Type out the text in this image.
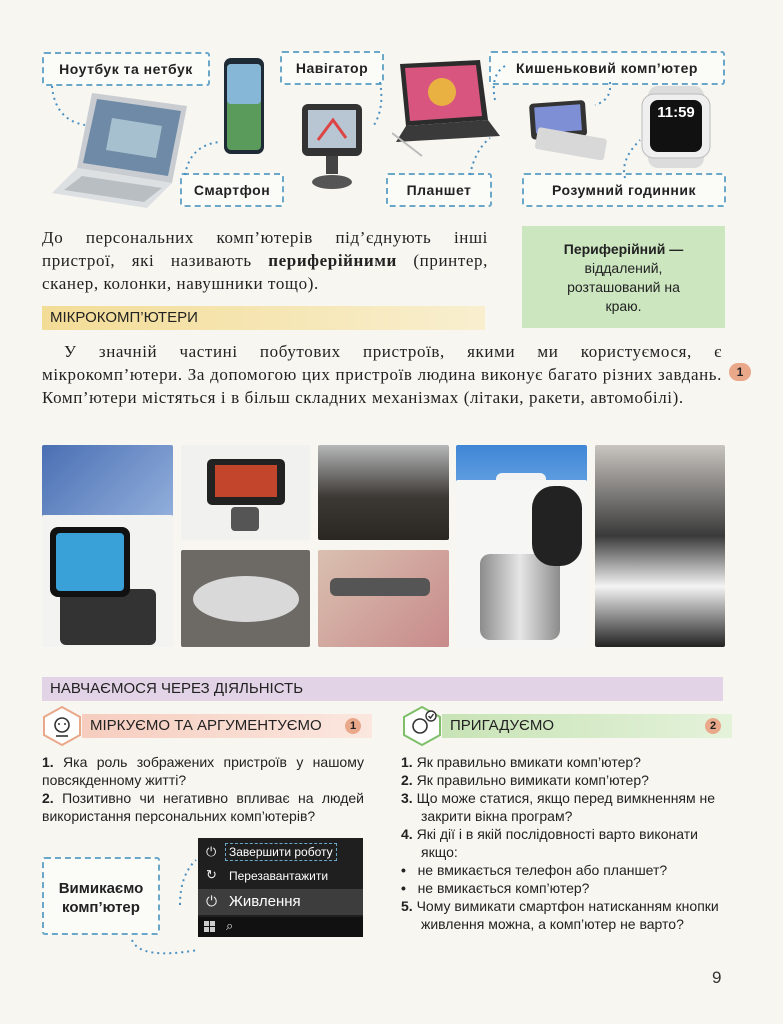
Ноутбук та нетбук	Навігатор	Кишеньковий комп’ютер
Смартфон	Планшет	Розумний годинник
11:59
До персональних комп’ютерів під’єднують інші пристрої, які називають периферійними (принтер, сканер, колонки, навушники тощо).
Периферійний —
віддалений, розташований на краю.
МІКРОКОМП’ЮТЕРИ
У значній частині побутових пристроїв, якими ми користуємося, є мікрокомп’ютери. За допомогою цих пристроїв людина виконує багато різних завдань. Комп’ютери містяться і в більш складних механізмах (літаки, ракети, автомобілі).
1
НАВЧАЄМОСЯ ЧЕРЕЗ ДІЯЛЬНІСТЬ
МІРКУЄМО ТА АРГУМЕНТУЄМО	1
1. Яка роль зображених пристроїв у нашому повсякденному житті?
2. Позитивно чи негативно впливає на людей використання персональних комп’ютерів?
ПРИГАДУЄМО	2
1. Як правильно вмикати комп’ютер?
2. Як правильно вимикати комп’ютер?
3. Що може статися, якщо перед вимкненням не закрити вікна програм?
4. Які дії і в якій послідовності варто виконати якщо:
• не вмикається телефон або планшет?
• не вмикається комп’ютер?
5. Чому вимикати смартфон натисканням кнопки живлення можна, а комп’ютер не варто?
Вимикаємо комп’ютер
⏻	Завершити роботу
↻ Перезавантажити
⏻ Живлення
⌕
9
